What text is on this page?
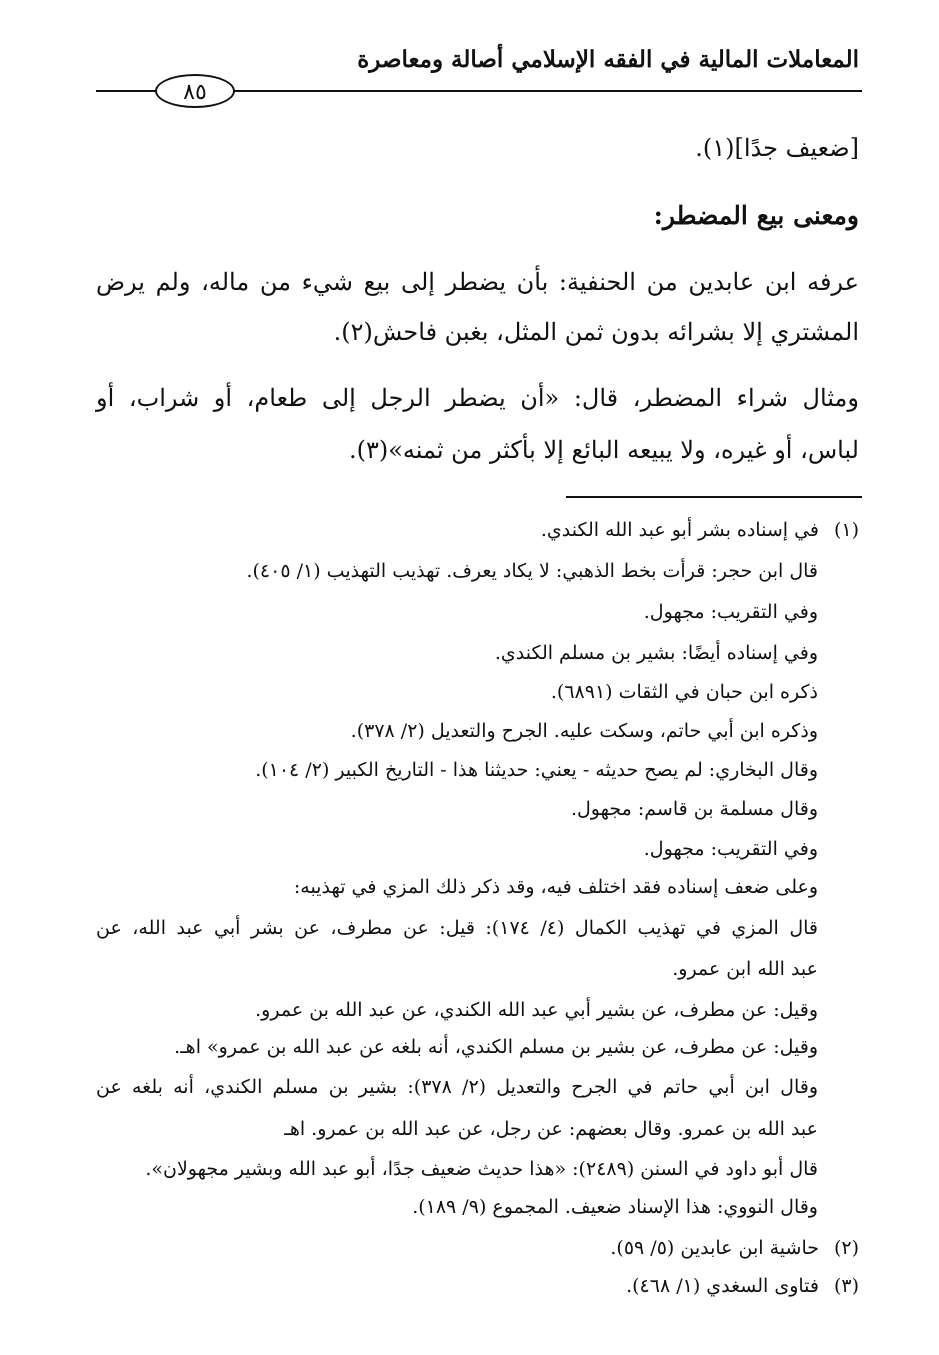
المعاملات المالية في الفقه الإسلامي أصالة ومعاصرة
٨٥
[ضعيف جدًا](١).
ومعنى بيع المضطر:
عرفه ابن عابدين من الحنفية: بأن يضطر إلى بيع شيء من ماله، ولم يرض
المشتري إلا بشرائه بدون ثمن المثل، بغبن فاحش(٢).
ومثال شراء المضطر، قال: «أن يضطر الرجل إلى طعام، أو شراب، أو
لباس، أو غيره، ولا يبيعه البائع إلا بأكثر من ثمنه»(٣).
(١)في إسناده بشر أبو عبد الله الكندي.
قال ابن حجر: قرأت بخط الذهبي: لا يكاد يعرف. تهذيب التهذيب (١/ ٤٠٥).
وفي التقريب: مجهول.
وفي إسناده أيضًا: بشير بن مسلم الكندي.
ذكره ابن حبان في الثقات (٦٨٩١).
وذكره ابن أبي حاتم، وسكت عليه. الجرح والتعديل (٢/ ٣٧٨).
وقال البخاري: لم يصح حديثه - يعني: حديثنا هذا - التاريخ الكبير (٢/ ١٠٤).
وقال مسلمة بن قاسم: مجهول.
وفي التقريب: مجهول.
وعلى ضعف إسناده فقد اختلف فيه، وقد ذكر ذلك المزي في تهذيبه:
قال المزي في تهذيب الكمال (٤/ ١٧٤): قيل: عن مطرف، عن بشر أبي عبد الله، عن
عبد الله ابن عمرو.
وقيل: عن مطرف، عن بشير أبي عبد الله الكندي، عن عبد الله بن عمرو.
وقيل: عن مطرف، عن بشير بن مسلم الكندي، أنه بلغه عن عبد الله بن عمرو» اهـ.
وقال ابن أبي حاتم في الجرح والتعديل (٢/ ٣٧٨): بشير بن مسلم الكندي، أنه بلغه عن
عبد الله بن عمرو. وقال بعضهم: عن رجل، عن عبد الله بن عمرو. اهـ
قال أبو داود في السنن (٢٤٨٩): «هذا حديث ضعيف جدًا، أبو عبد الله وبشير مجهولان».
وقال النووي: هذا الإسناد ضعيف. المجموع (٩/ ١٨٩).
(٢)حاشية ابن عابدين (٥/ ٥٩).
(٣)فتاوى السغدي (١/ ٤٦٨).
